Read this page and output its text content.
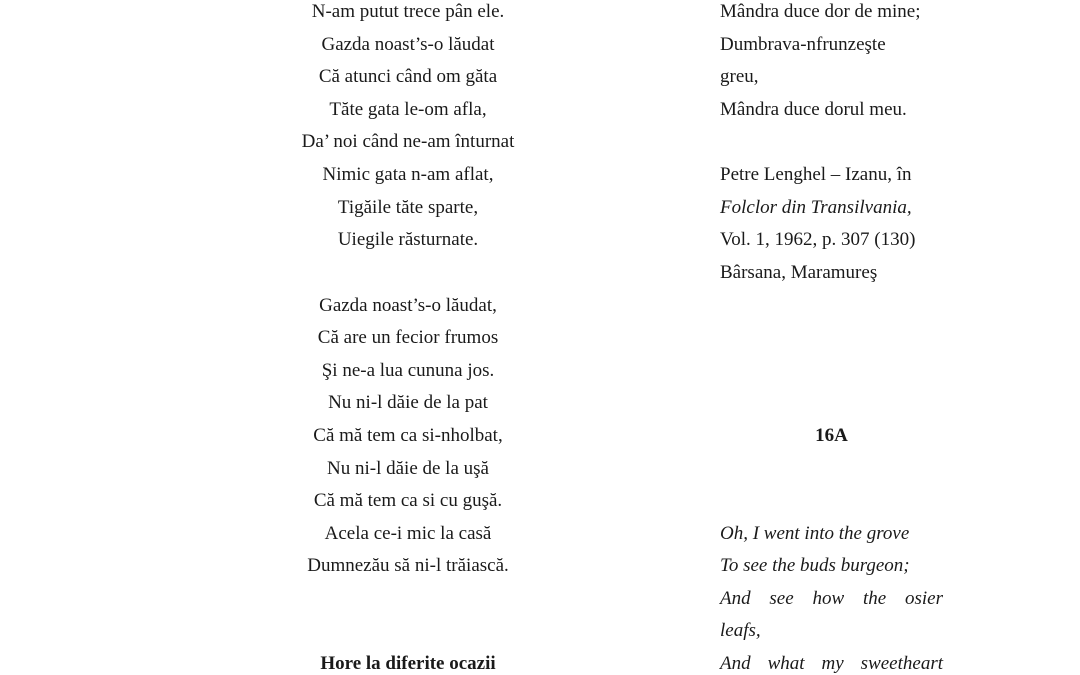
N-am putut trece pân ele.
Gazda noast’s-o lăudat
Că atunci când om găta
Tăte gata le-om afla,
Da’ noi când ne-am înturnat
Nimic gata n-am aflat,
Tigăile tăte sparte,
Uiegile răsturnate.
Gazda noast’s-o lăudat,
Că are un fecior frumos
Şi ne-a lua cununa jos.
Nu ni-l dăie de la pat
Că mă tem ca si-nholbat,
Nu ni-l dăie de la uşă
Că mă tem ca si cu guşă.
Acela ce-i mic la casă
Dumnezău să ni-l trăiască.
Hore la diferite ocazii
Mândra duce dor de mine;
Dumbrava-nfrunzeşte
greu,
Mândra duce dorul meu.
Petre Lenghel – Izanu, în
Folclor din Transilvania,
Vol. 1, 1962, p. 307 (130)
Bârsana, Maramureş
16A
Oh, I went into the grove
To see the buds burgeon;
And see how the osier
leafs,
And what my sweetheart
